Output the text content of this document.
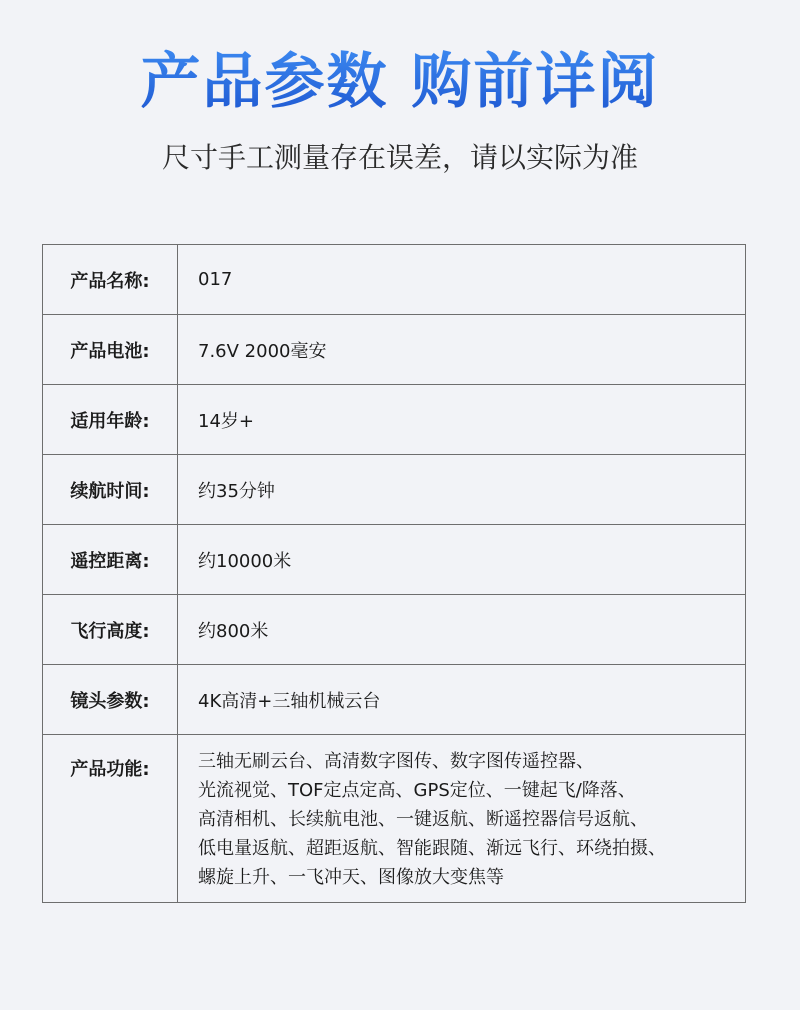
产品参数 购前详阅

尺寸手工测量存在误差，请以实际为准

产品名称:	017
产品电池:	7.6V 2000毫安
适用年龄:	14岁+
续航时间:	约35分钟
遥控距离:	约10000米
飞行高度:	约800米
镜头参数:	4K高清+三轴机械云台
产品功能:	三轴无刷云台、高清数字图传、数字图传遥控器、
光流视觉、TOF定点定高、GPS定位、一键起飞/降落、
高清相机、长续航电池、一键返航、断遥控器信号返航、
低电量返航、超距返航、智能跟随、渐远飞行、环绕拍摄、
螺旋上升、一飞冲天、图像放大变焦等
